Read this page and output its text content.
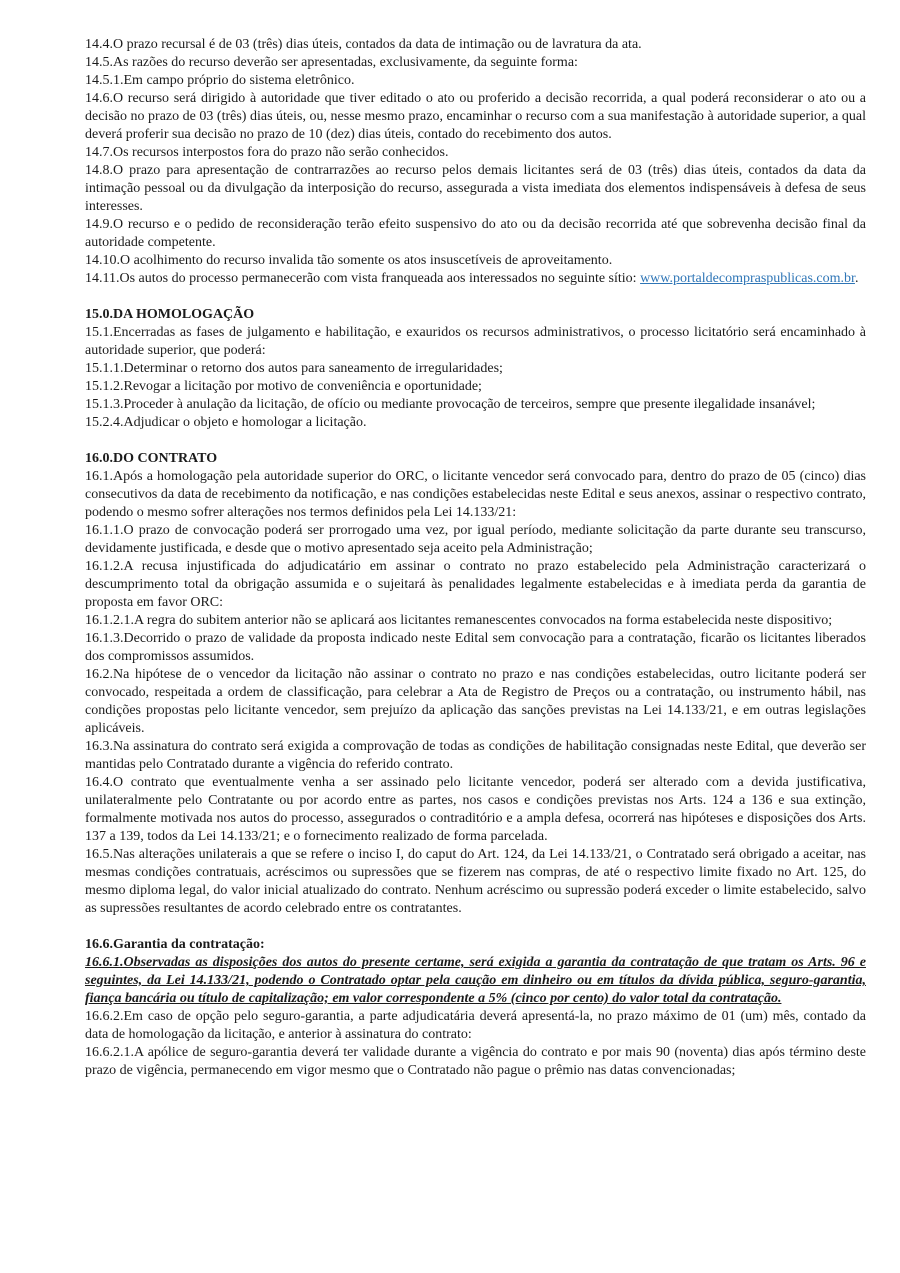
14.4.O prazo recursal é de 03 (três) dias úteis, contados da data de intimação ou de lavratura da ata.

14.5.As razões do recurso deverão ser apresentadas, exclusivamente, da seguinte forma:

14.5.1.Em campo próprio do sistema eletrônico.

14.6.O recurso será dirigido à autoridade que tiver editado o ato ou proferido a decisão recorrida, a qual poderá reconsiderar o ato ou a decisão no prazo de 03 (três) dias úteis, ou, nesse mesmo prazo, encaminhar o recurso com a sua manifestação à autoridade superior, a qual deverá proferir sua decisão no prazo de 10 (dez) dias úteis, contado do recebimento dos autos.

14.7.Os recursos interpostos fora do prazo não serão conhecidos.

14.8.O prazo para apresentação de contrarrazões ao recurso pelos demais licitantes será de 03 (três) dias úteis, contados da data da intimação pessoal ou da divulgação da interposição do recurso, assegurada a vista imediata dos elementos indispensáveis à defesa de seus interesses.

14.9.O recurso e o pedido de reconsideração terão efeito suspensivo do ato ou da decisão recorrida até que sobrevenha decisão final da autoridade competente.

14.10.O acolhimento do recurso invalida tão somente os atos insuscetíveis de aproveitamento.

14.11.Os autos do processo permanecerão com vista franqueada aos interessados no seguinte sítio: www.portaldecompraspublicas.com.br.

15.0.DA HOMOLOGAÇÃO

15.1.Encerradas as fases de julgamento e habilitação, e exauridos os recursos administrativos, o processo licitatório será encaminhado à autoridade superior, que poderá:

15.1.1.Determinar o retorno dos autos para saneamento de irregularidades;

15.1.2.Revogar a licitação por motivo de conveniência e oportunidade;

15.1.3.Proceder à anulação da licitação, de ofício ou mediante provocação de terceiros, sempre que presente ilegalidade insanável;

15.2.4.Adjudicar o objeto e homologar a licitação.

16.0.DO CONTRATO

16.1.Após a homologação pela autoridade superior do ORC, o licitante vencedor será convocado para, dentro do prazo de 05 (cinco) dias consecutivos da data de recebimento da notificação, e nas condições estabelecidas neste Edital e seus anexos, assinar o respectivo contrato, podendo o mesmo sofrer alterações nos termos definidos pela Lei 14.133/21:

16.1.1.O prazo de convocação poderá ser prorrogado uma vez, por igual período, mediante solicitação da parte durante seu transcurso, devidamente justificada, e desde que o motivo apresentado seja aceito pela Administração;

16.1.2.A recusa injustificada do adjudicatário em assinar o contrato no prazo estabelecido pela Administração caracterizará o descumprimento total da obrigação assumida e o sujeitará às penalidades legalmente estabelecidas e à imediata perda da garantia de proposta em favor ORC:

16.1.2.1.A regra do subitem anterior não se aplicará aos licitantes remanescentes convocados na forma estabelecida neste dispositivo;

16.1.3.Decorrido o prazo de validade da proposta indicado neste Edital sem convocação para a contratação, ficarão os licitantes liberados dos compromissos assumidos.

16.2.Na hipótese de o vencedor da licitação não assinar o contrato no prazo e nas condições estabelecidas, outro licitante poderá ser convocado, respeitada a ordem de classificação, para celebrar a Ata de Registro de Preços ou a contratação, ou instrumento hábil, nas condições propostas pelo licitante vencedor, sem prejuízo da aplicação das sanções previstas na Lei 14.133/21, e em outras legislações aplicáveis.

16.3.Na assinatura do contrato será exigida a comprovação de todas as condições de habilitação consignadas neste Edital, que deverão ser mantidas pelo Contratado durante a vigência do referido contrato.

16.4.O contrato que eventualmente venha a ser assinado pelo licitante vencedor, poderá ser alterado com a devida justificativa, unilateralmente pelo Contratante ou por acordo entre as partes, nos casos e condições previstas nos Arts. 124 a 136 e sua extinção, formalmente motivada nos autos do processo, assegurados o contraditório e a ampla defesa, ocorrerá nas hipóteses e disposições dos Arts. 137 a 139, todos da Lei 14.133/21; e o fornecimento realizado de forma parcelada.

16.5.Nas alterações unilaterais a que se refere o inciso I, do caput do Art. 124, da Lei 14.133/21, o Contratado será obrigado a aceitar, nas mesmas condições contratuais, acréscimos ou supressões que se fizerem nas compras, de até o respectivo limite fixado no Art. 125, do mesmo diploma legal, do valor inicial atualizado do contrato. Nenhum acréscimo ou supressão poderá exceder o limite estabelecido, salvo as supressões resultantes de acordo celebrado entre os contratantes.

16.6.Garantia da contratação:

16.6.1.Observadas as disposições dos autos do presente certame, será exigida a garantia da contratação de que tratam os Arts. 96 e seguintes, da Lei 14.133/21, podendo o Contratado optar pela caução em dinheiro ou em títulos da dívida pública, seguro-garantia, fiança bancária ou título de capitalização; em valor correspondente a 5% (cinco por cento) do valor total da contratação.

16.6.2.Em caso de opção pelo seguro-garantia, a parte adjudicatária deverá apresentá-la, no prazo máximo de 01 (um) mês, contado da data de homologação da licitação, e anterior à assinatura do contrato:

16.6.2.1.A apólice de seguro-garantia deverá ter validade durante a vigência do contrato e por mais 90 (noventa) dias após término deste prazo de vigência, permanecendo em vigor mesmo que o Contratado não pague o prêmio nas datas convencionadas;
